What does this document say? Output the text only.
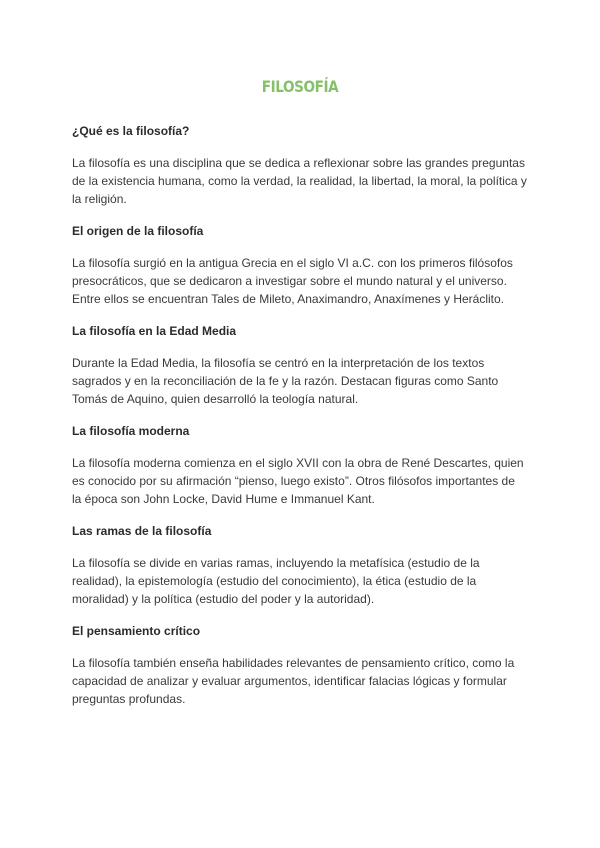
FILOSOFÍA
¿Qué es la filosofía?
La filosofía es una disciplina que se dedica a reflexionar sobre las grandes preguntas
de la existencia humana, como la verdad, la realidad, la libertad, la moral, la política y
la religión.
El origen de la filosofía
La filosofía surgió en la antigua Grecia en el siglo VI a.C. con los primeros filósofos
presocráticos, que se dedicaron a investigar sobre el mundo natural y el universo.
Entre ellos se encuentran Tales de Mileto, Anaximandro, Anaxímenes y Heráclito.
La filosofía en la Edad Media
Durante la Edad Media, la filosofía se centró en la interpretación de los textos
sagrados y en la reconciliación de la fe y la razón. Destacan figuras como Santo
Tomás de Aquino, quien desarrolló la teología natural.
La filosofía moderna
La filosofía moderna comienza en el siglo XVII con la obra de René Descartes, quien
es conocido por su afirmación “pienso, luego existo”. Otros filósofos importantes de
la época son John Locke, David Hume e Immanuel Kant.
Las ramas de la filosofía
La filosofía se divide en varias ramas, incluyendo la metafísica (estudio de la
realidad), la epistemología (estudio del conocimiento), la ética (estudio de la
moralidad) y la política (estudio del poder y la autoridad).
El pensamiento crítico
La filosofía también enseña habilidades relevantes de pensamiento crítico, como la
capacidad de analizar y evaluar argumentos, identificar falacias lógicas y formular
preguntas profundas.
